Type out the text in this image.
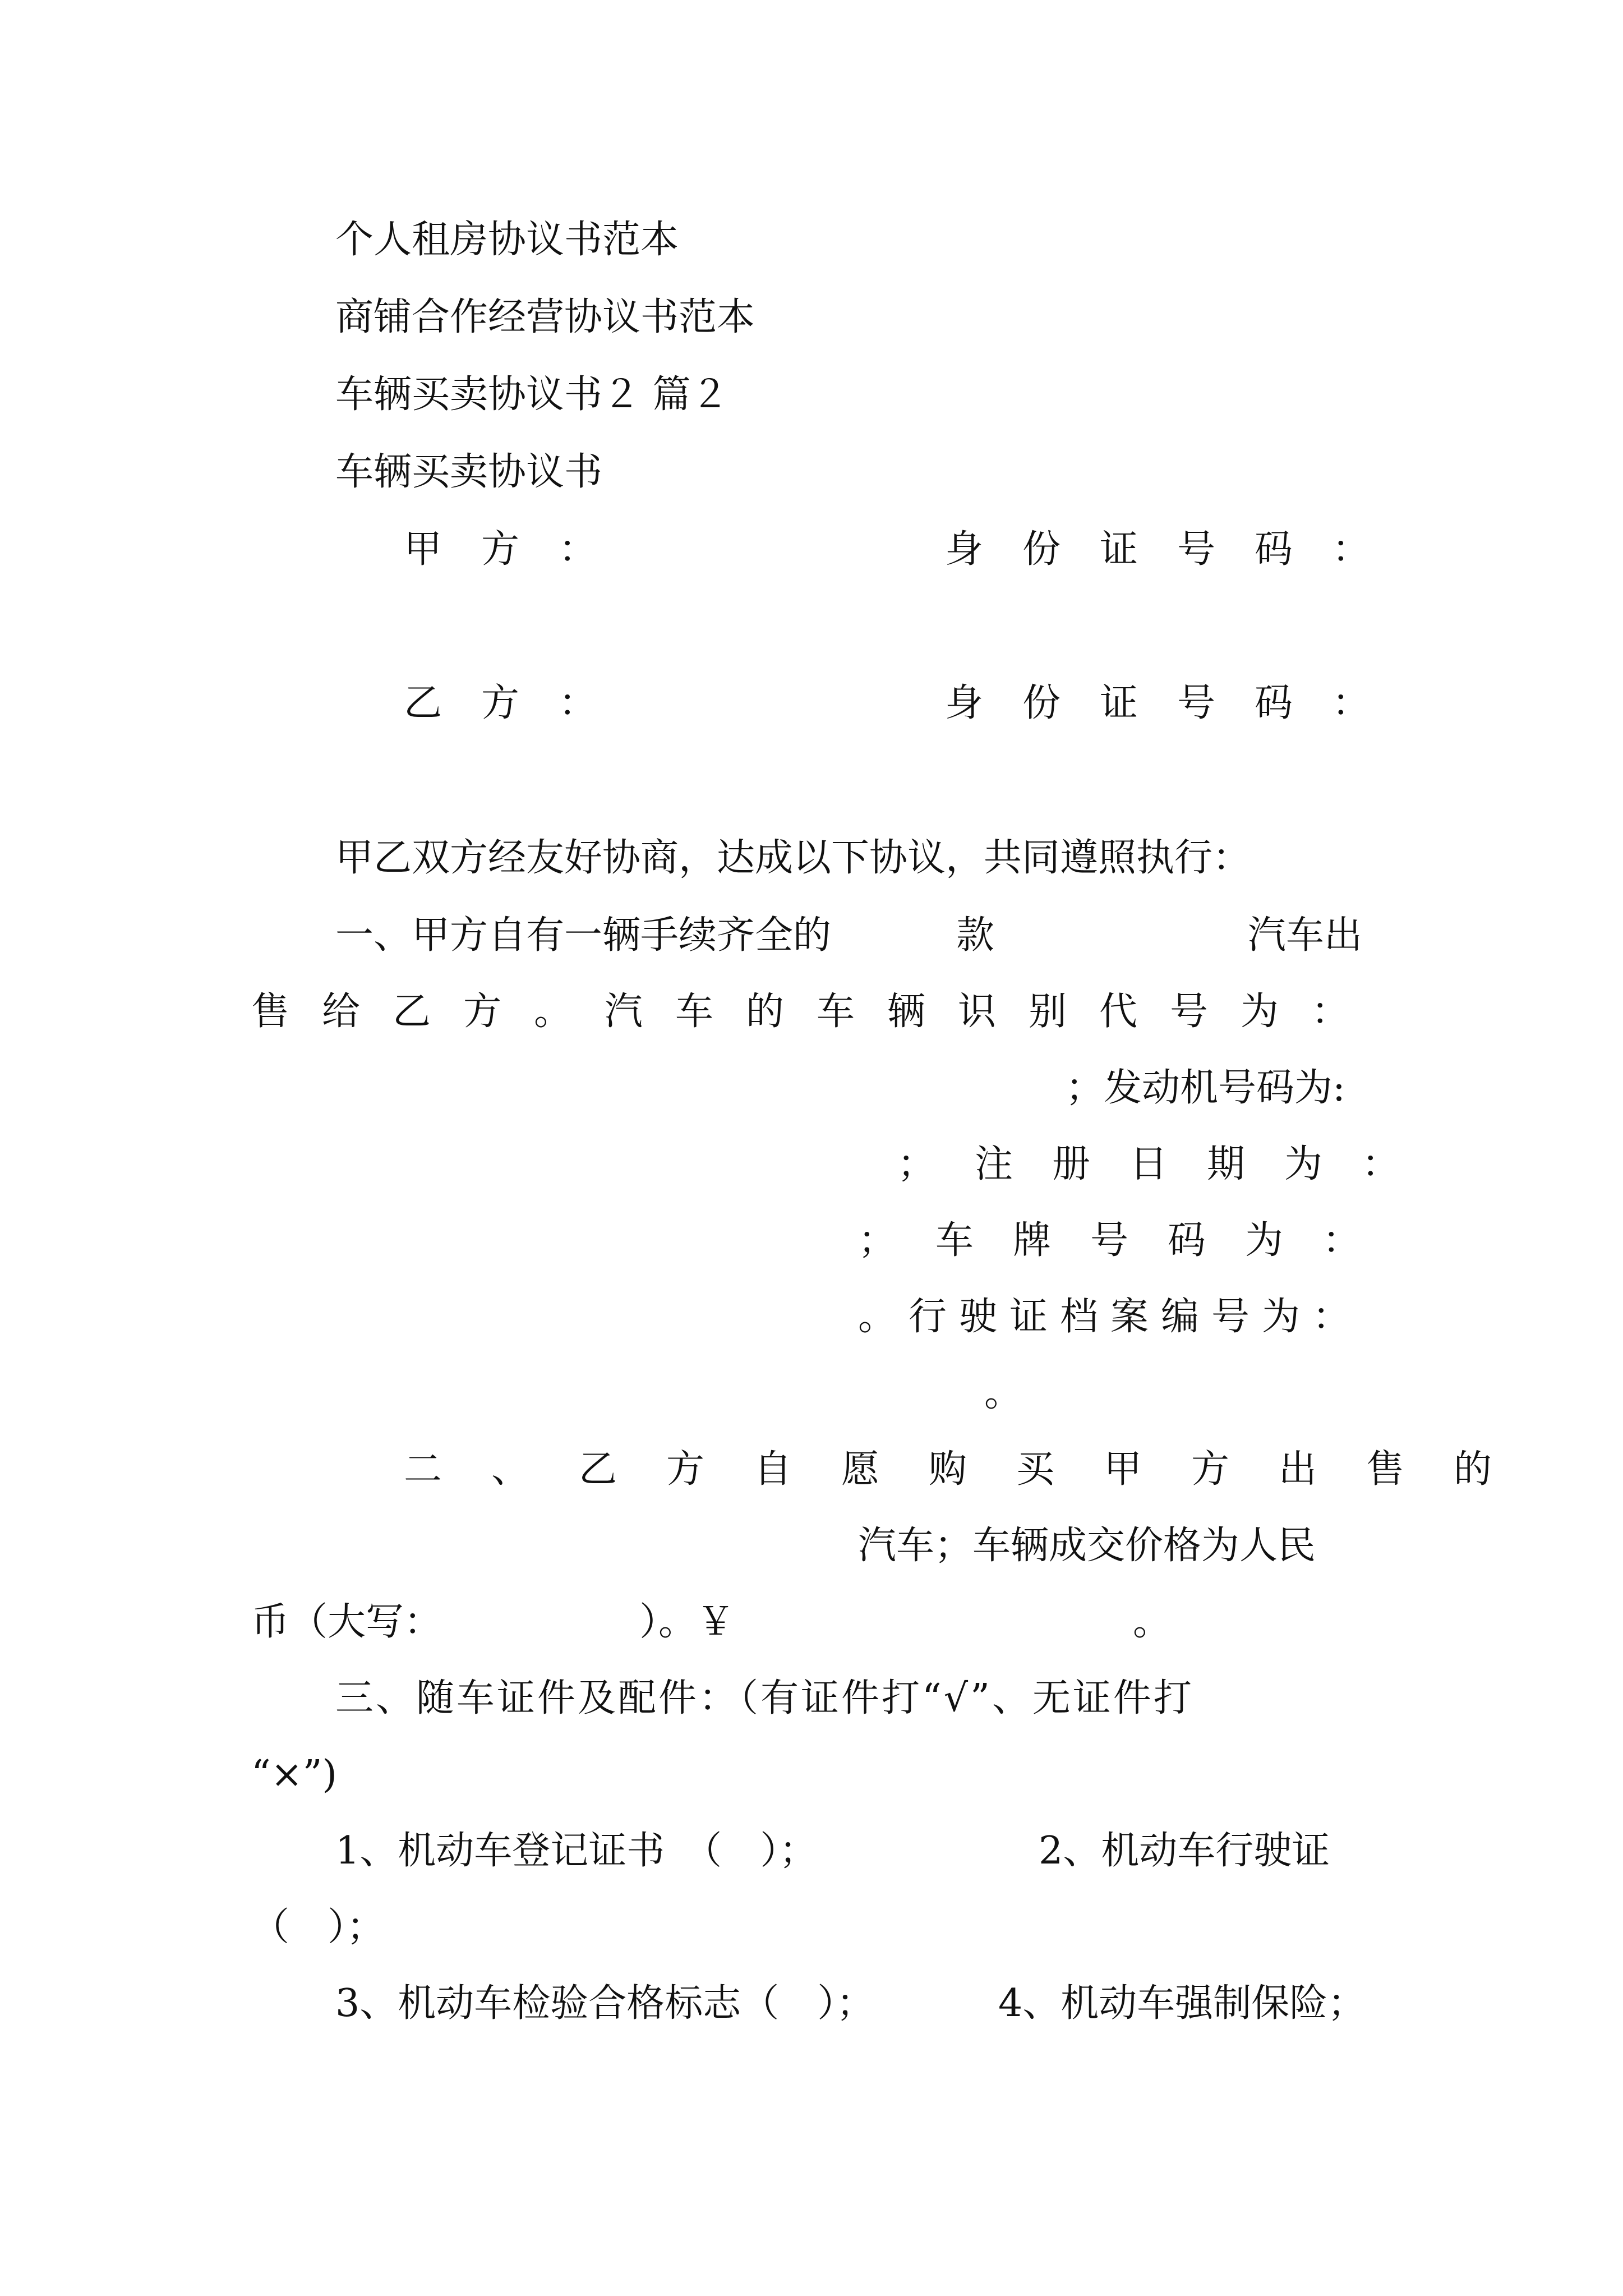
个人租房协议书范本

商铺合作经营协议书范本

车辆买卖协议书２ 篇２

车辆买卖协议书

甲方：	身份证号码：

乙方：	身份证号码：

甲乙双方经友好协商，达成以下协议，共同遵照执行：

一、甲方自有一辆手续齐全的	款	汽车出

售给乙方。汽车的车辆识别代号为：

；发动机号码为:

；注册日期为：

；车牌号码为：

。行驶证档案编号为：

。

二、乙方自愿购买甲方出售的

汽车；车辆成交价格为人民

币（大写：	）。￥	。

三、随车证件及配件：（有证件打“√”、无证件打

“×”)

1、机动车登记证书　（　）；	2、机动车行驶证

（　）；

3、机动车检验合格标志（　）；	4、机动车强制保险；
